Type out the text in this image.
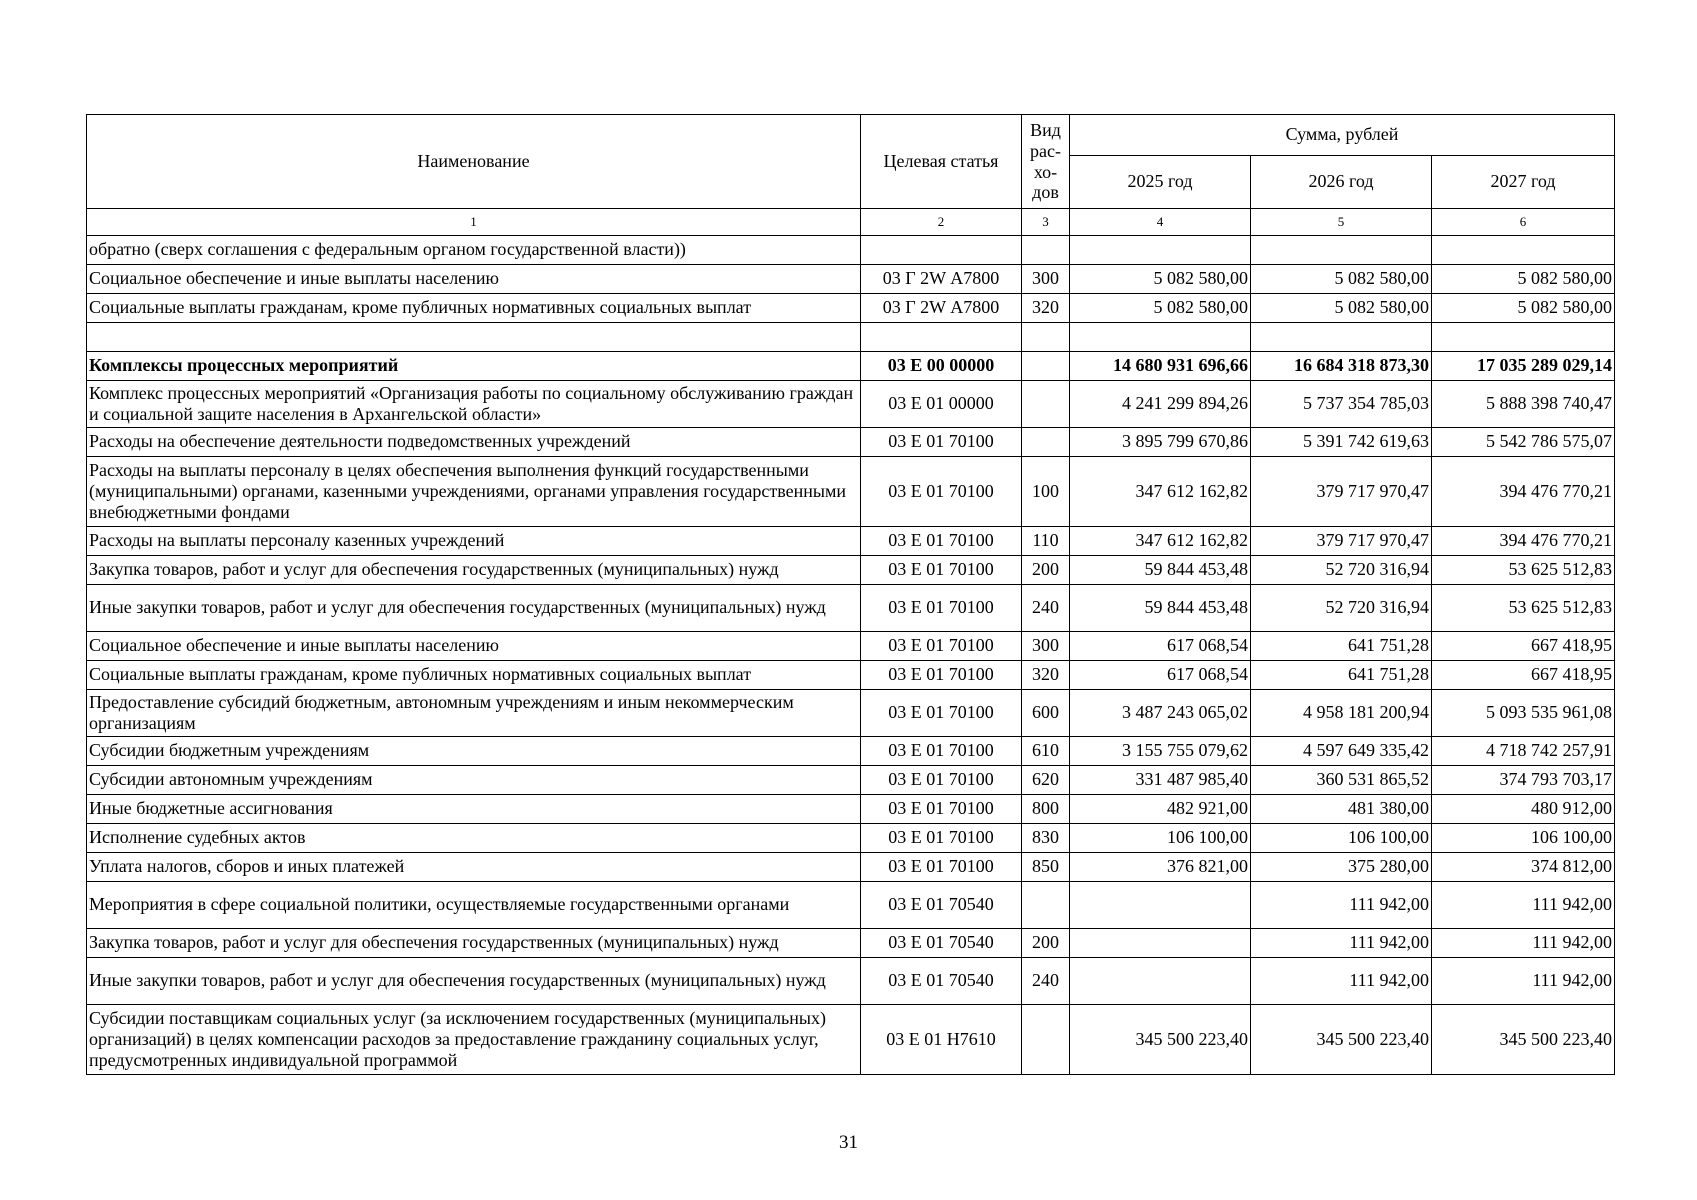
Наименование	Целевая статья	Вид
рас-
хо-
дов	Сумма, рублей		
			2025 год	2026 год	2027 год
1	2	3	4	5	6
обратно (сверх соглашения с федеральным органом государственной власти))					
Социальное обеспечение и иные выплаты населению	03 Г 2W А7800	300	5 082 580,00	5 082 580,00	5 082 580,00
Социальные выплаты гражданам, кроме публичных нормативных социальных выплат	03 Г 2W А7800	320	5 082 580,00	5 082 580,00	5 082 580,00

Комплексы процессных мероприятий	03 Е 00 00000		14 680 931 696,66	16 684 318 873,30	17 035 289 029,14
Комплекс процессных мероприятий «Организация работы по социальному обслуживанию граждан и социальной защите населения в Архангельской области»	03 Е 01 00000		4 241 299 894,26	5 737 354 785,03	5 888 398 740,47
Расходы на обеспечение деятельности подведомственных учреждений	03 Е 01 70100		3 895 799 670,86	5 391 742 619,63	5 542 786 575,07
Расходы на выплаты персоналу в целях обеспечения выполнения функций государственными (муниципальными) органами, казенными учреждениями, органами управления государственными внебюджетными фондами	03 Е 01 70100	100	347 612 162,82	379 717 970,47	394 476 770,21
Расходы на выплаты персоналу казенных учреждений	03 Е 01 70100	110	347 612 162,82	379 717 970,47	394 476 770,21
Закупка товаров, работ и услуг для обеспечения государственных (муниципальных) нужд	03 Е 01 70100	200	59 844 453,48	52 720 316,94	53 625 512,83
Иные закупки товаров, работ и услуг для обеспечения государственных (муниципальных) нужд	03 Е 01 70100	240	59 844 453,48	52 720 316,94	53 625 512,83
Социальное обеспечение и иные выплаты населению	03 Е 01 70100	300	617 068,54	641 751,28	667 418,95
Социальные выплаты гражданам, кроме публичных нормативных социальных выплат	03 Е 01 70100	320	617 068,54	641 751,28	667 418,95
Предоставление субсидий бюджетным, автономным учреждениям и иным некоммерческим организациям	03 Е 01 70100	600	3 487 243 065,02	4 958 181 200,94	5 093 535 961,08
Субсидии бюджетным учреждениям	03 Е 01 70100	610	3 155 755 079,62	4 597 649 335,42	4 718 742 257,91
Субсидии автономным учреждениям	03 Е 01 70100	620	331 487 985,40	360 531 865,52	374 793 703,17
Иные бюджетные ассигнования	03 Е 01 70100	800	482 921,00	481 380,00	480 912,00
Исполнение судебных актов	03 Е 01 70100	830	106 100,00	106 100,00	106 100,00
Уплата налогов, сборов и иных платежей	03 Е 01 70100	850	376 821,00	375 280,00	374 812,00
Мероприятия в сфере социальной политики, осуществляемые государственными органами	03 Е 01 70540			111 942,00	111 942,00
Закупка товаров, работ и услуг для обеспечения государственных (муниципальных) нужд	03 Е 01 70540	200		111 942,00	111 942,00
Иные закупки товаров, работ и услуг для обеспечения государственных (муниципальных) нужд	03 Е 01 70540	240		111 942,00	111 942,00
Субсидии поставщикам социальных услуг (за исключением государственных (муниципальных) организаций) в целях компенсации расходов за предоставление гражданину социальных услуг, предусмотренных индивидуальной программой	03 Е 01 Н7610		345 500 223,40	345 500 223,40	345 500 223,40
31
